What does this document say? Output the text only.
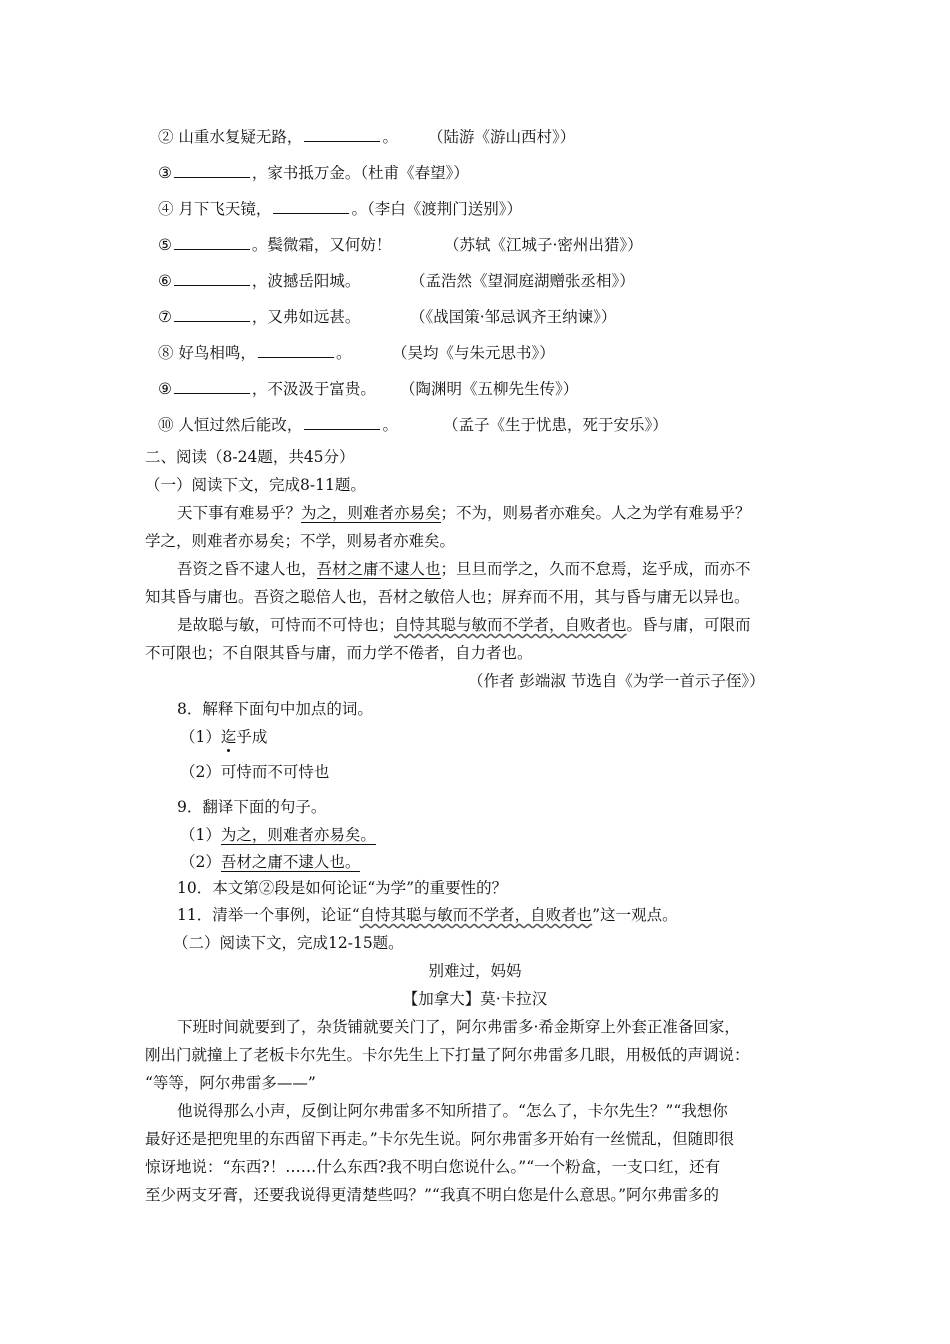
② 山重水复疑无路，	。 （陆游《游山西村》）
③	，家书抵万金。（杜甫《春望》）
④ 月下飞天镜，	。（李白《渡荆门送别》）
⑤	。鬓微霜，又何妨！	（苏轼《江城子·密州出猎》）
⑥	，波撼岳阳城。	（孟浩然《望洞庭湖赠张丞相》）
⑦	，又弗如远甚。	（《战国策·邹忌讽齐王纳谏》）
⑧ 好鸟相鸣，	。	（吴均《与朱元思书》）
⑨	，不汲汲于富贵。 （陶渊明《五柳先生传》）
⑩ 人恒过然后能改，	。	（孟子《生于忧患，死于安乐》）
二、阅读（8-24题，共45分）
（一）阅读下文，完成8-11题。
天下事有难易乎？为之，则难者亦易矣；不为，则易者亦难矣。人之为学有难易乎？
学之，则难者亦易矣；不学，则易者亦难矣。
吾资之昏不逮人也，吾材之庸不逮人也；旦旦而学之，久而不怠焉，迄乎成，而亦不
知其昏与庸也。吾资之聪倍人也，吾材之敏倍人也；屏弃而不用，其与昏与庸无以异也。
是故聪与敏，可恃而不可恃也；自恃其聪与敏而不学者，自败者也。昏与庸，可限而
不可限也；不自限其昏与庸，而力学不倦者，自力者也。
（作者 彭端淑 节选自《为学一首示子侄》）
8．解释下面句中加点的词。
（1）迄乎成
（2）可恃而不可恃也
9．翻译下面的句子。
（1）为之，则难者亦易矣。
（2）吾材之庸不逮人也。
10．本文第②段是如何论证“为学”的重要性的？
11．清举一个事例，论证“自恃其聪与敏而不学者，自败者也”这一观点。
（二）阅读下文，完成12-15题。
别难过，妈妈
【加拿大】莫·卡拉汉
下班时间就要到了，杂货铺就要关门了，阿尔弗雷多·希金斯穿上外套正准备回家，
刚出门就撞上了老板卡尔先生。卡尔先生上下打量了阿尔弗雷多几眼，用极低的声调说：
“等等，阿尔弗雷多——”
他说得那么小声，反倒让阿尔弗雷多不知所措了。“怎么了，卡尔先生？”“我想你
最好还是把兜里的东西留下再走。”卡尔先生说。阿尔弗雷多开始有一丝慌乱，但随即很
惊讶地说：“东西?！……什么东西?我不明白您说什么。”“一个粉盒，一支口红，还有
至少两支牙膏，还要我说得更清楚些吗？”“我真不明白您是什么意思。”阿尔弗雷多的
